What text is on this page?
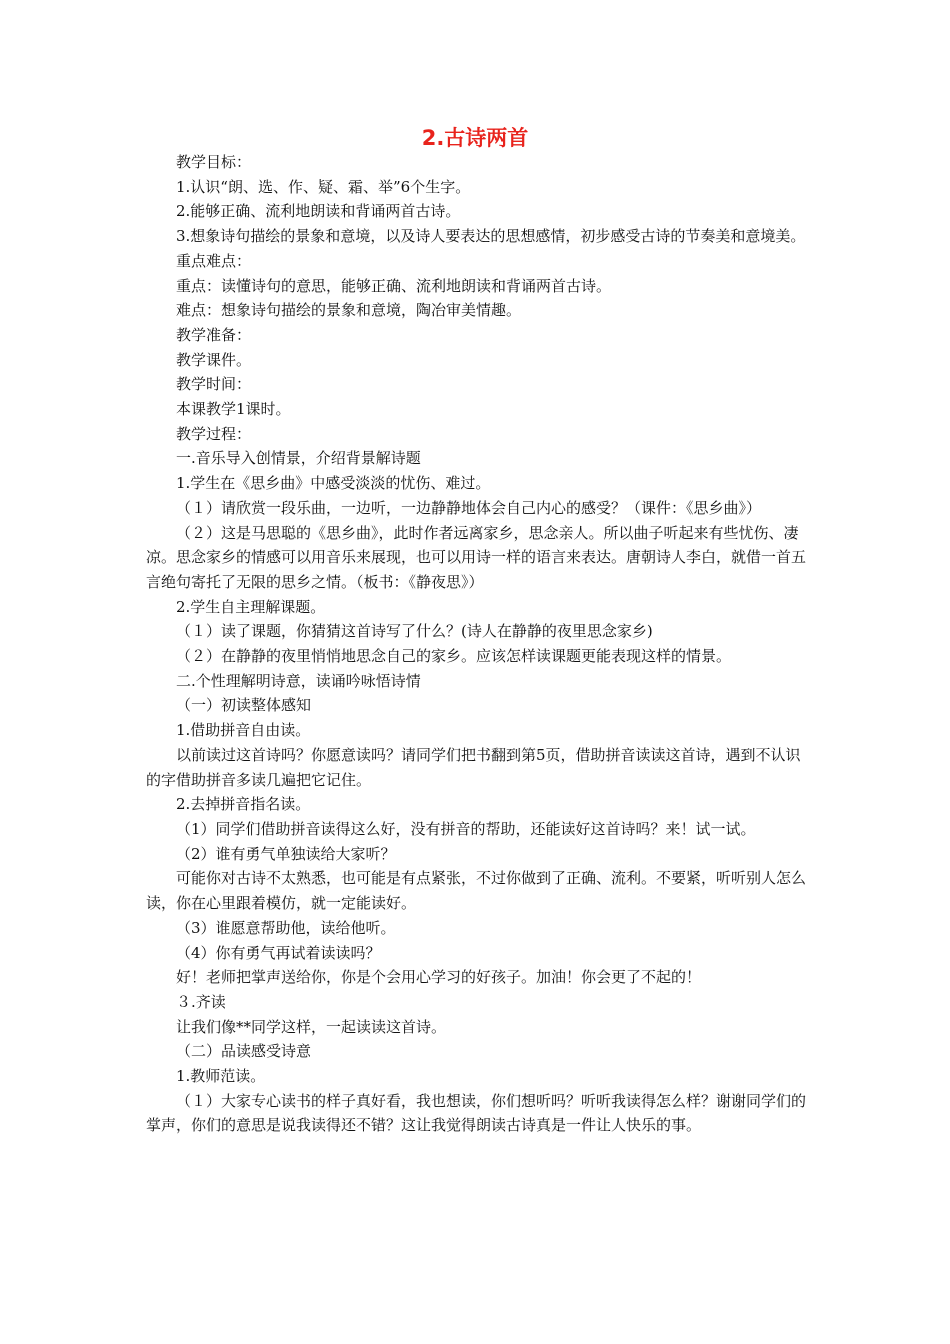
2.古诗两首

教学目标：

1.认识“朗、选、作、疑、霜、举”6个生字。

2.能够正确、流利地朗读和背诵两首古诗。

3.想象诗句描绘的景象和意境，以及诗人要表达的思想感情，初步感受古诗的节奏美和意境美。

重点难点：

重点：读懂诗句的意思，能够正确、流利地朗读和背诵两首古诗。

难点：想象诗句描绘的景象和意境，陶冶审美情趣。

教学准备：

教学课件。

教学时间：

本课教学1课时。

教学过程：

一.音乐导入创情景，介绍背景解诗题

1.学生在《思乡曲》中感受淡淡的忧伤、难过。

（１）请欣赏一段乐曲，一边听，一边静静地体会自己内心的感受？（课件：《思乡曲》）

（２）这是马思聪的《思乡曲》，此时作者远离家乡，思念亲人。所以曲子听起来有些忧伤、凄凉。思念家乡的情感可以用音乐来展现，也可以用诗一样的语言来表达。唐朝诗人李白，就借一首五言绝句寄托了无限的思乡之情。（板书：《静夜思》）

2.学生自主理解课题。

（１）读了课题，你猜猜这首诗写了什么？(诗人在静静的夜里思念家乡)

（２）在静静的夜里悄悄地思念自己的家乡。应该怎样读课题更能表现这样的情景。

二.个性理解明诗意，读诵吟咏悟诗情

（一）初读整体感知

1.借助拼音自由读。

以前读过这首诗吗？你愿意读吗？请同学们把书翻到第5页，借助拼音读读这首诗，遇到不认识的字借助拼音多读几遍把它记住。

2.去掉拼音指名读。

（1）同学们借助拼音读得这么好，没有拼音的帮助，还能读好这首诗吗？来！试一试。

（2）谁有勇气单独读给大家听？

可能你对古诗不太熟悉，也可能是有点紧张，不过你做到了正确、流利。不要紧，听听别人怎么读，你在心里跟着模仿，就一定能读好。

（3）谁愿意帮助他，读给他听。

（4）你有勇气再试着读读吗？

好！老师把掌声送给你，你是个会用心学习的好孩子。加油！你会更了不起的！

３.齐读

让我们像**同学这样，一起读读这首诗。

（二）品读感受诗意

1.教师范读。

（１）大家专心读书的样子真好看，我也想读，你们想听吗？听听我读得怎么样？谢谢同学们的掌声，你们的意思是说我读得还不错？这让我觉得朗读古诗真是一件让人快乐的事。
